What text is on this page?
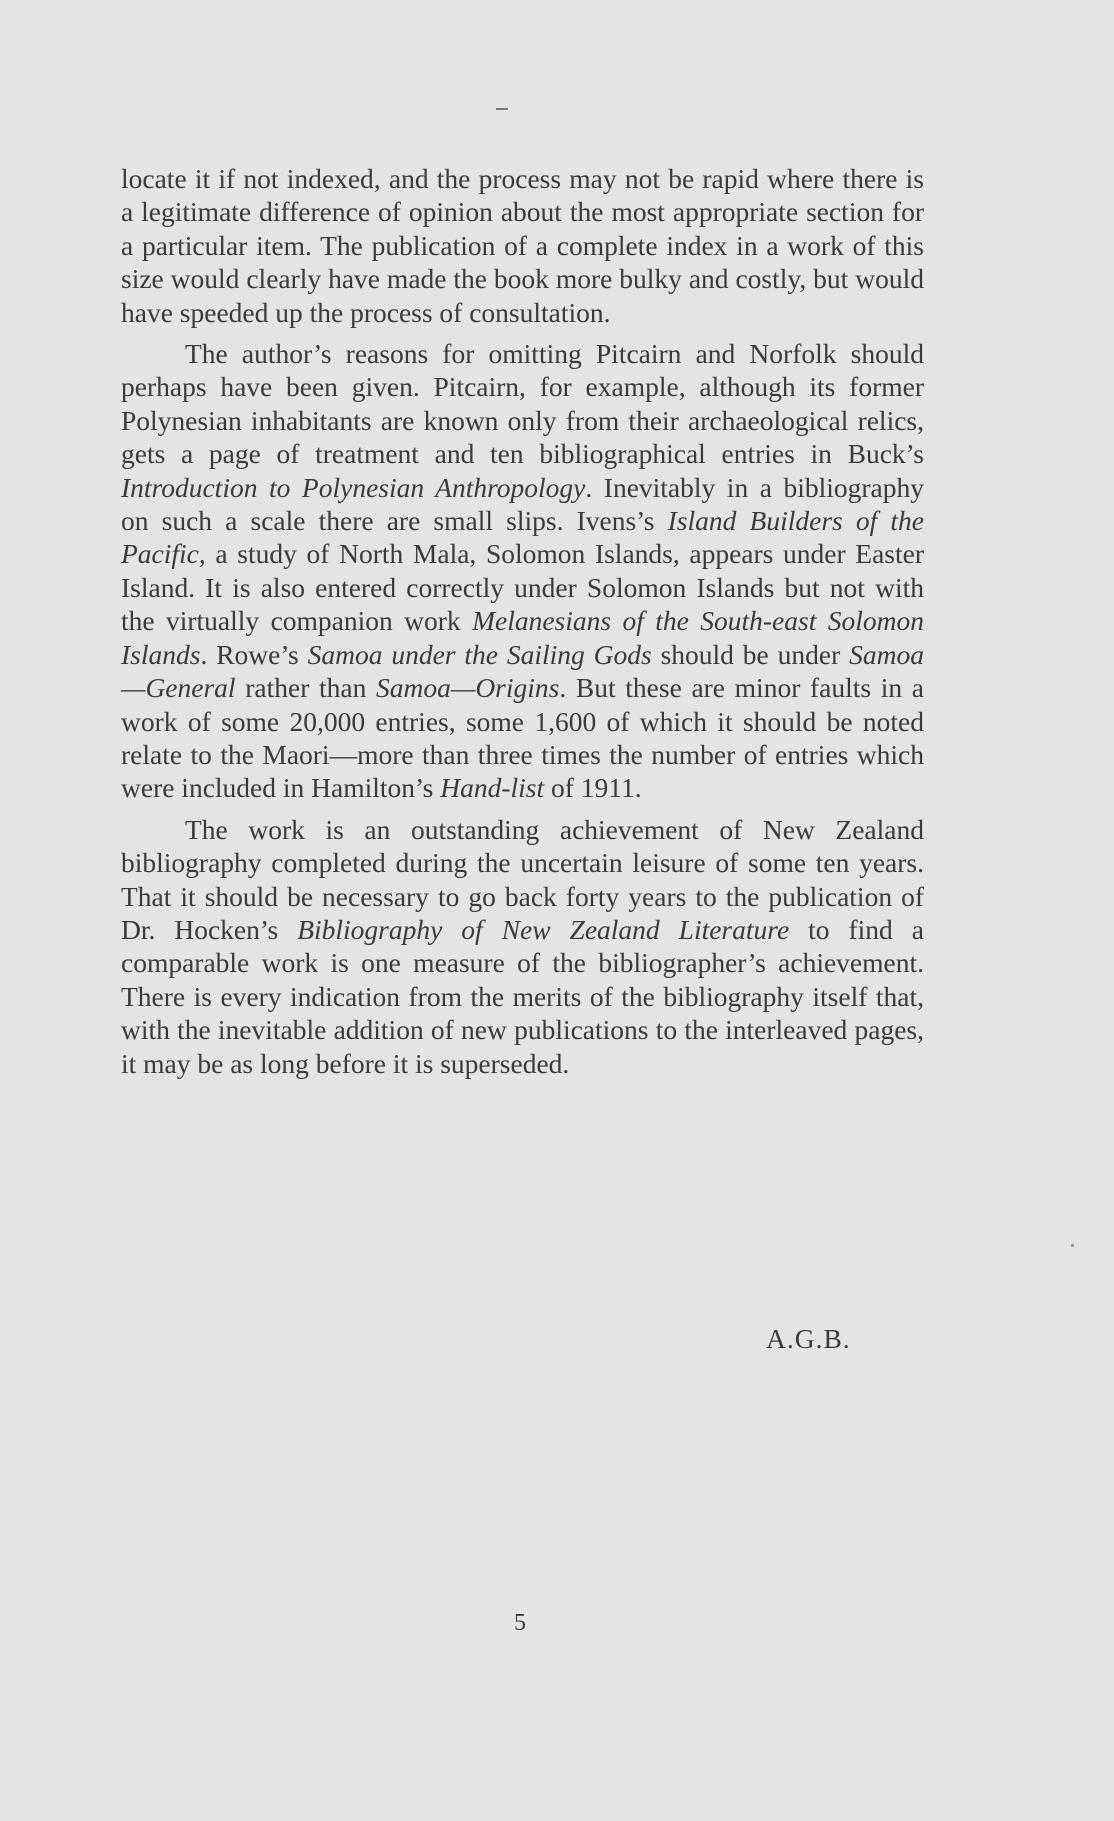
locate it if not indexed, and the process may not be rapid where there is a legitimate difference of opinion about the most appropriate section for a particular item. The publication of a complete index in a work of this size would clearly have made the book more bulky and costly, but would have speeded up the process of consultation.

The author’s reasons for omitting Pitcairn and Norfolk should perhaps have been given. Pitcairn, for example, although its former Polynesian inhabitants are known only from their archaeological relics, gets a page of treatment and ten bibliographical entries in Buck’s Introduction to Polynesian Anthropology. Inevitably in a bibliography on such a scale there are small slips. Ivens’s Island Builders of the Pacific, a study of North Mala, Solomon Islands, appears under Easter Island. It is also entered correctly under Solomon Islands but not with the virtually companion work Melanesians of the South-east Solomon Islands. Rowe’s Samoa under the Sailing Gods should be under Samoa—General rather than Samoa—Origins. But these are minor faults in a work of some 20,000 entries, some 1,600 of which it should be noted relate to the Maori—more than three times the number of entries which were included in Hamilton’s Hand-list of 1911.

The work is an outstanding achievement of New Zealand bibliography completed during the uncertain leisure of some ten years. That it should be necessary to go back forty years to the publication of Dr. Hocken’s Bibliography of New Zealand Literature to find a comparable work is one measure of the bibliographer’s achievement. There is every indication from the merits of the bibliography itself that, with the inevitable addition of new publications to the interleaved pages, it may be as long before it is superseded.

A.G.B.
5
